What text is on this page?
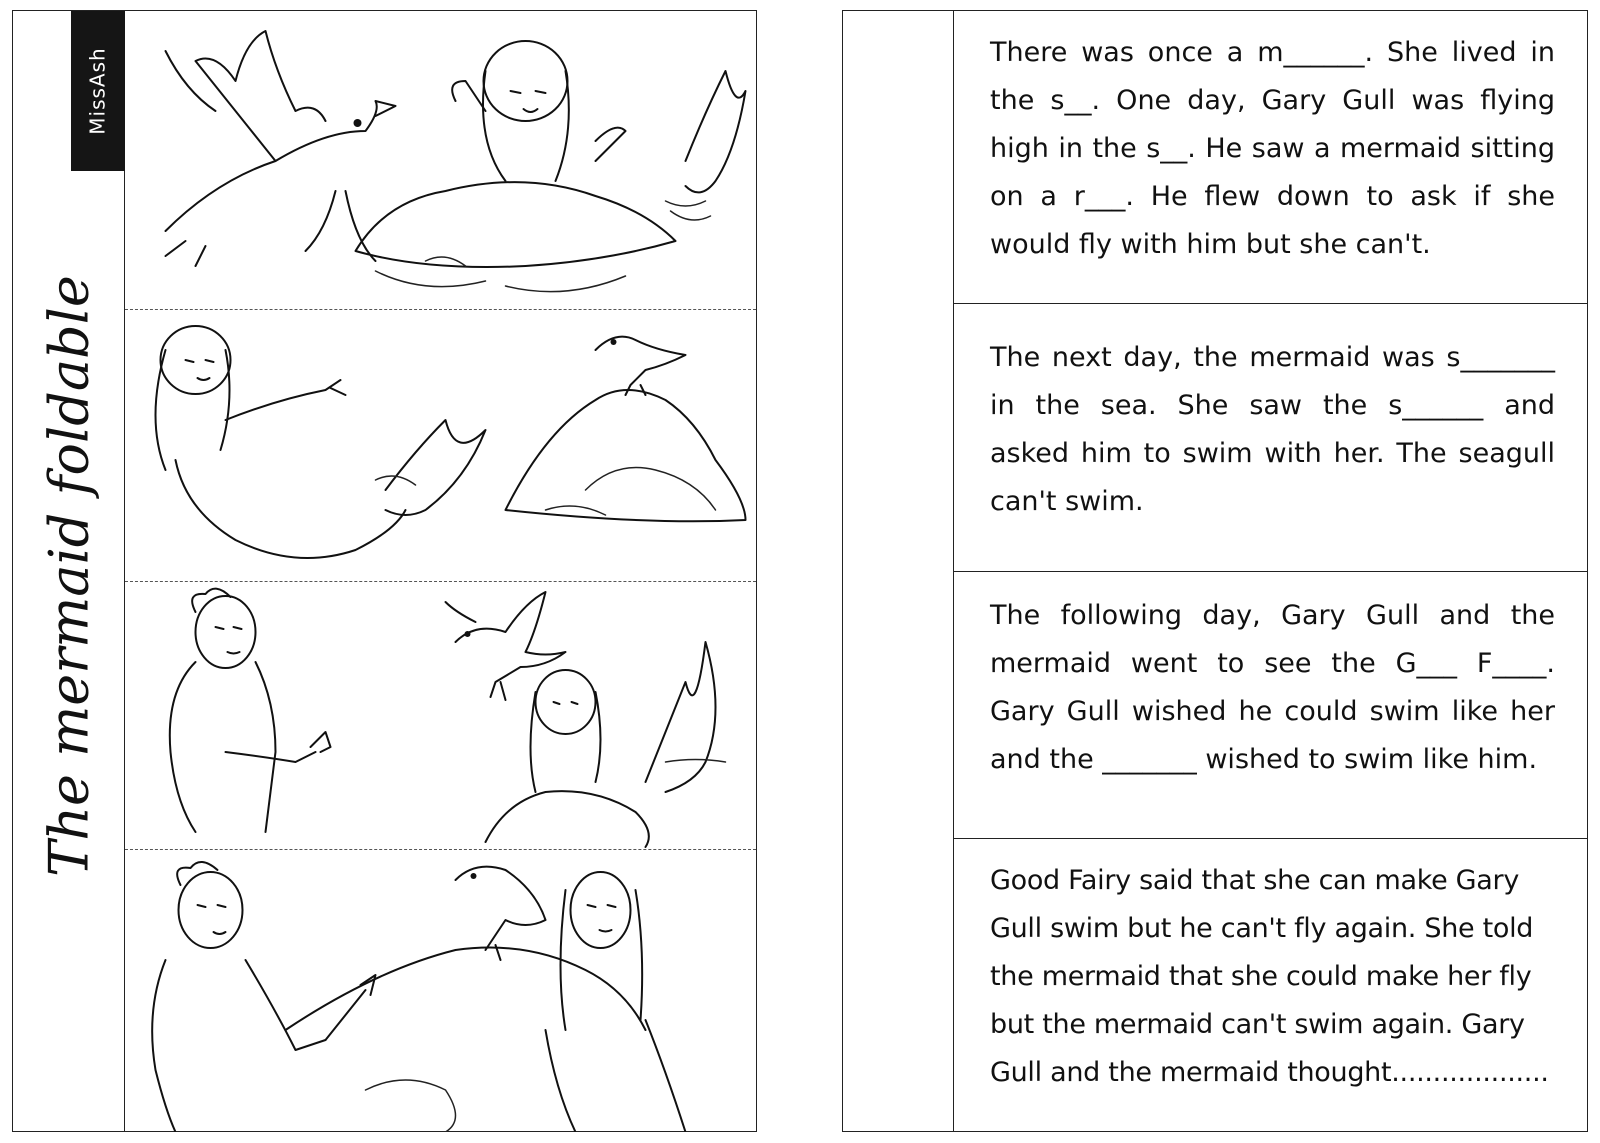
MissAsh
The mermaid foldable

There was once a m______. She lived in the s__. One day, Gary Gull was flying high in the s__. He saw a mermaid sitting on a r___. He flew down to ask if she would fly with him but she can't.

The next day, the mermaid was s_______ in the sea. She saw the s______ and asked him to swim with her. The seagull can't swim.

The following day, Gary Gull and the mermaid went to see the G___ F____. Gary Gull wished he could swim like her and the _______ wished to swim like him.

Good Fairy said that she can make Gary Gull swim but he can't fly again. She told the mermaid that she could make her fly but the mermaid can't swim again. Gary Gull and the mermaid thought...................
